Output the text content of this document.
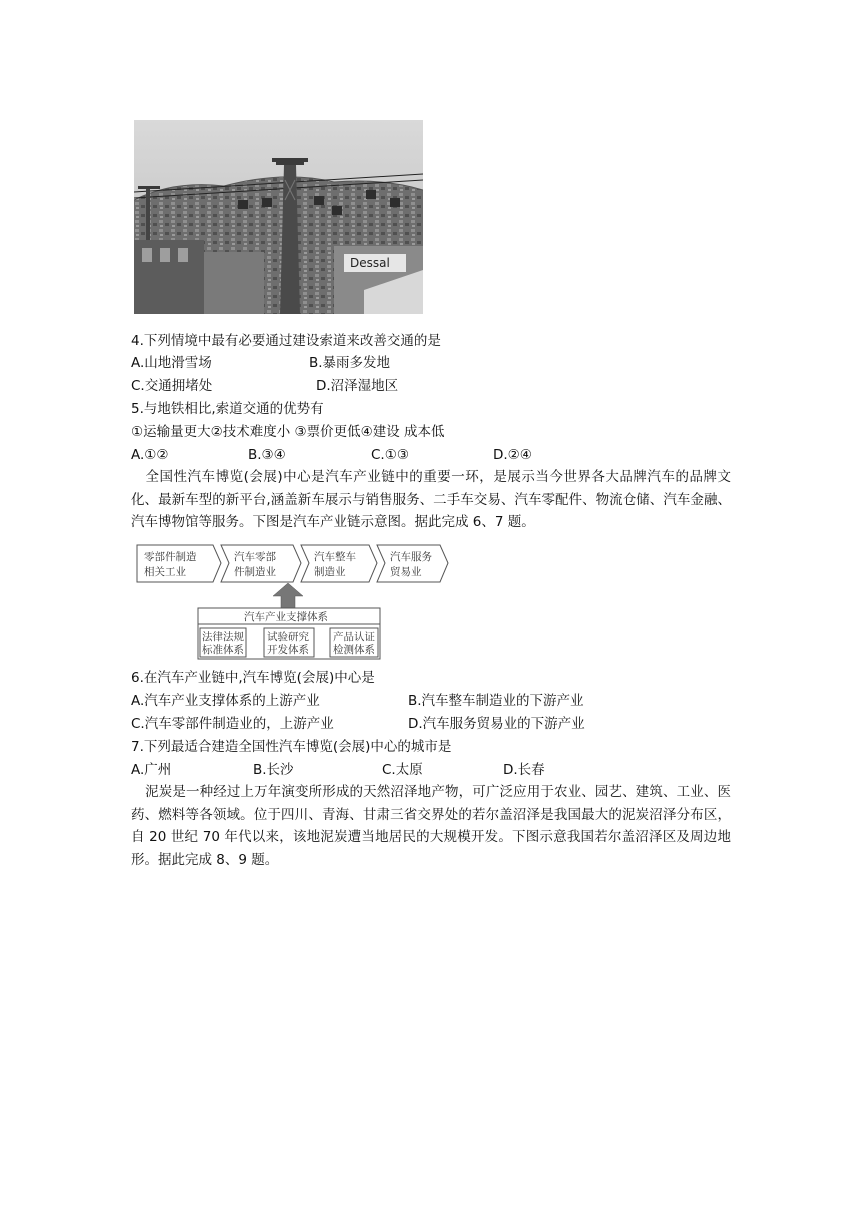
Dessal
4.下列情境中最有必要通过建设索道来改善交通的是
A.山地滑雪场	B.暴雨多发地
C.交通拥堵处	D.沼泽湿地区
5.与地铁相比,索道交通的优势有
①运输量更大②技术难度小 ③票价更低④建设 成本低
A.①②	B.③④	C.①③	D.②④
全国性汽车博览(会展)中心是汽车产业链中的重要一环，是展示当今世界各大品牌汽车的品牌文化、最新车型的新平台,涵盖新车展示与销售服务、二手车交易、汽车零配件、物流仓储、汽车金融、汽车博物馆等服务。下图是汽车产业链示意图。据此完成 6、7 题。
零部件制造
相关工业
汽车零部
件制造业
汽车整车
制造业
汽车服务
贸易业
汽车产业支撑体系
法律法规
标准体系
试验研究
开发体系
产品认证
检测体系
6.在汽车产业链中,汽车博览(会展)中心是
A.汽车产业支撑体系的上游产业	B.汽车整车制造业的下游产业
C.汽车零部件制造业的，上游产业	D.汽车服务贸易业的下游产业
7.下列最适合建造全国性汽车博览(会展)中心的城市是
A.广州	B.长沙	C.太原	D.长春
泥炭是一种经过上万年演变所形成的天然沼泽地产物，可广泛应用于农业、园艺、建筑、工业、医药、燃料等各领域。位于四川、青海、甘肃三省交界处的若尔盖沼泽是我国最大的泥炭沼泽分布区，自 20 世纪 70 年代以来，该地泥炭遭当地居民的大规模开发。下图示意我国若尔盖沼泽区及周边地形。据此完成 8、9 题。
